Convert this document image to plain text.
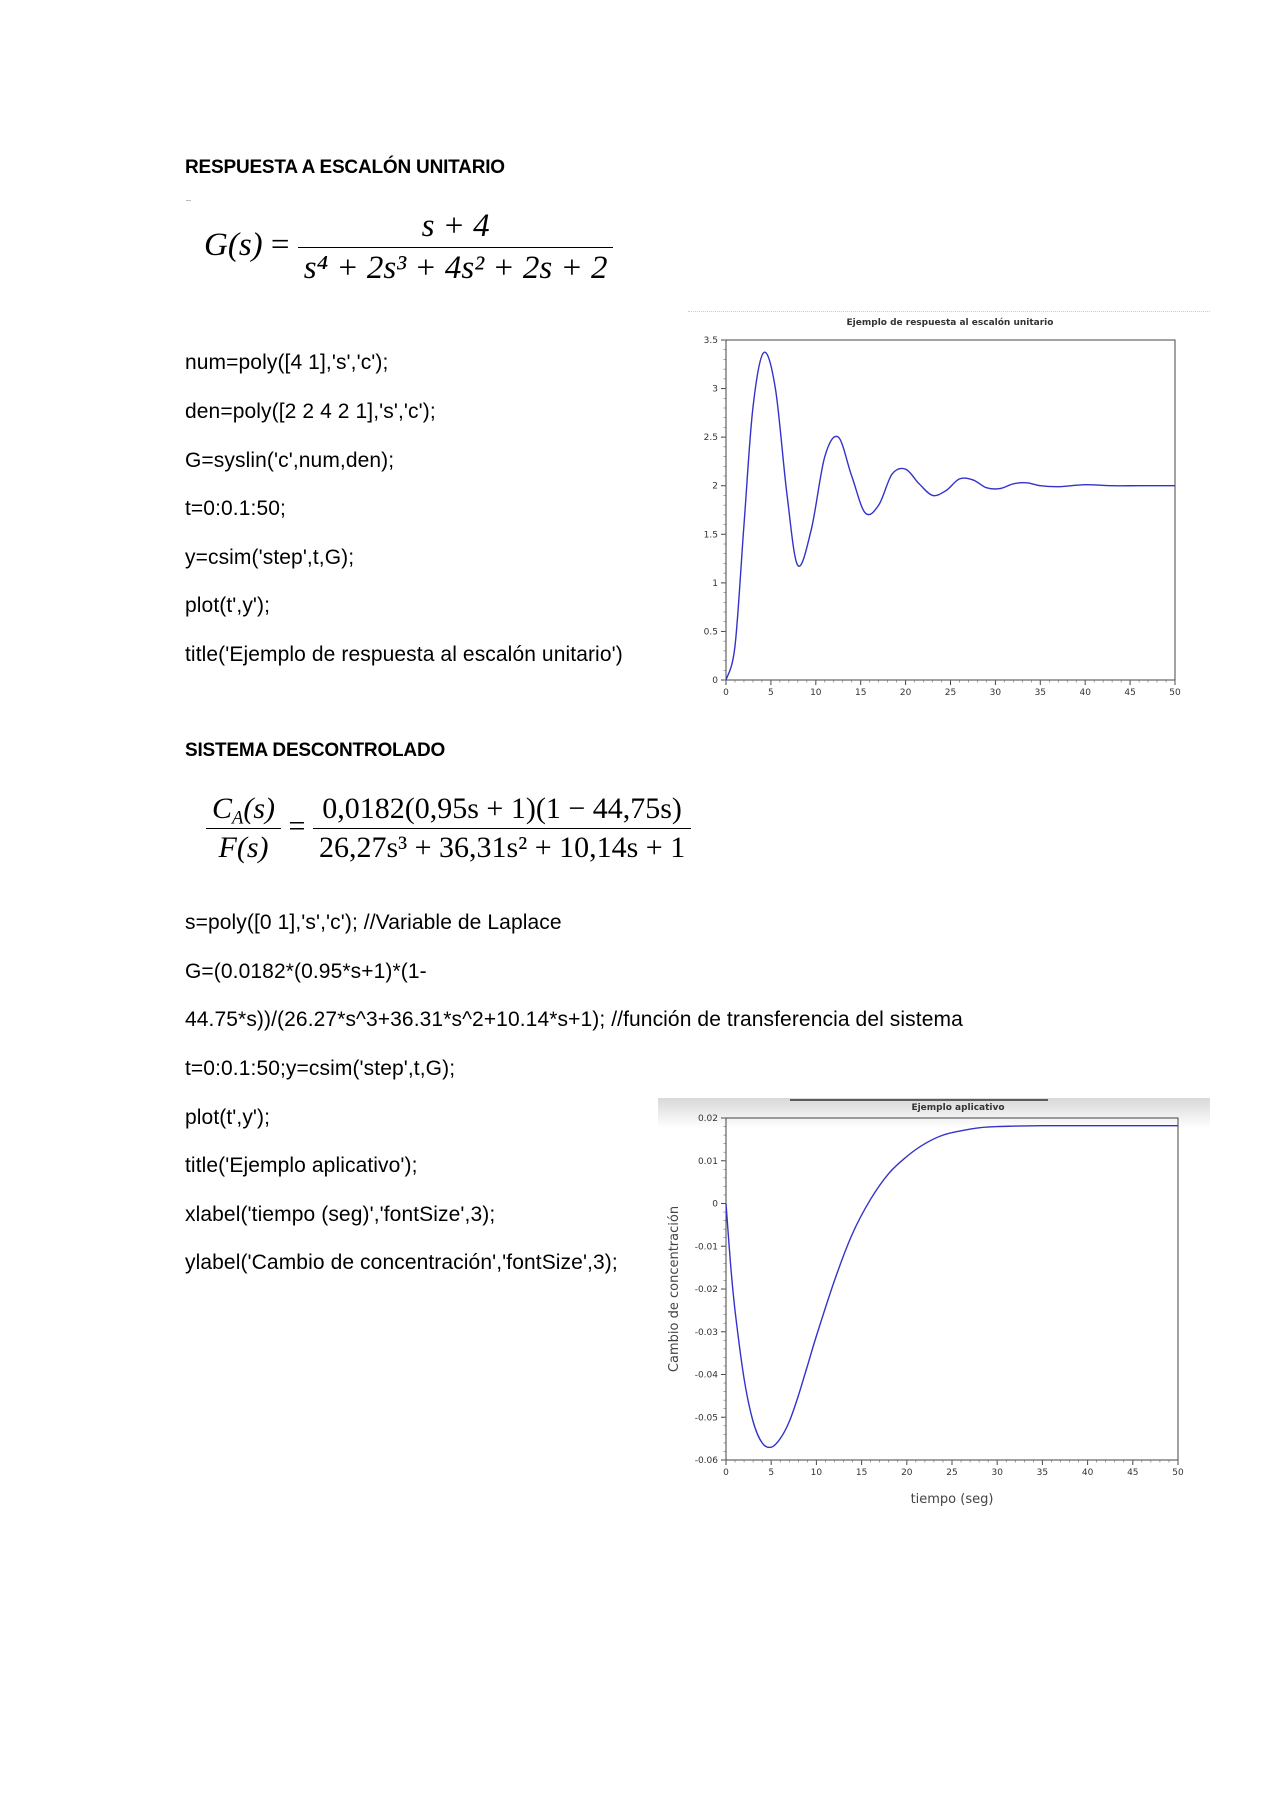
RESPUESTA A ESCALÓN UNITARIO
$G(s) = \frac{s + 4}{\text{s⁴ + 2s³ + 4s² + 2s + 2}}$
num=poly([4 1],'s','c');
den=poly([2 2 4 2 1],'s','c');
G=syslin('c',num,den);
t=0:0.1:50;
y=csim('step',t,G);
plot(t',y');
title('Ejemplo de respuesta al escalón unitario')
Ejemplo de respuesta al escalón unitario
0	5	10	15	20	25	30	35	40	45	50
0
0.5
1
1.5
2
2.5
3
3.5
SISTEMA DESCONTROLADO
$\frac{C_A(s)}{F(s)} = \frac{0,0182(0,95s + 1)(1 - 44,75s)}{\text{26,27s³ + 36,31s² + 10,14s + 1}}$
s=poly([0 1],'s','c'); //Variable de Laplace
G=(0.0182*(0.95*s+1)*(1-
44.75*s))/(26.27*s^3+36.31*s^2+10.14*s+1); //función de transferencia del sistema
t=0:0.1:50;y=csim('step',t,G);
plot(t',y');
title('Ejemplo aplicativo');
xlabel('tiempo (seg)','fontSize',3);
ylabel('Cambio de concentración','fontSize',3);
Ejemplo aplicativo
0	5	10	15	20	25	30	35	40	45	50
0.02
0.01
0
-0.01
-0.02
-0.03
-0.04
-0.05
-0.06
tiempo (seg)
Cambio de concentración
